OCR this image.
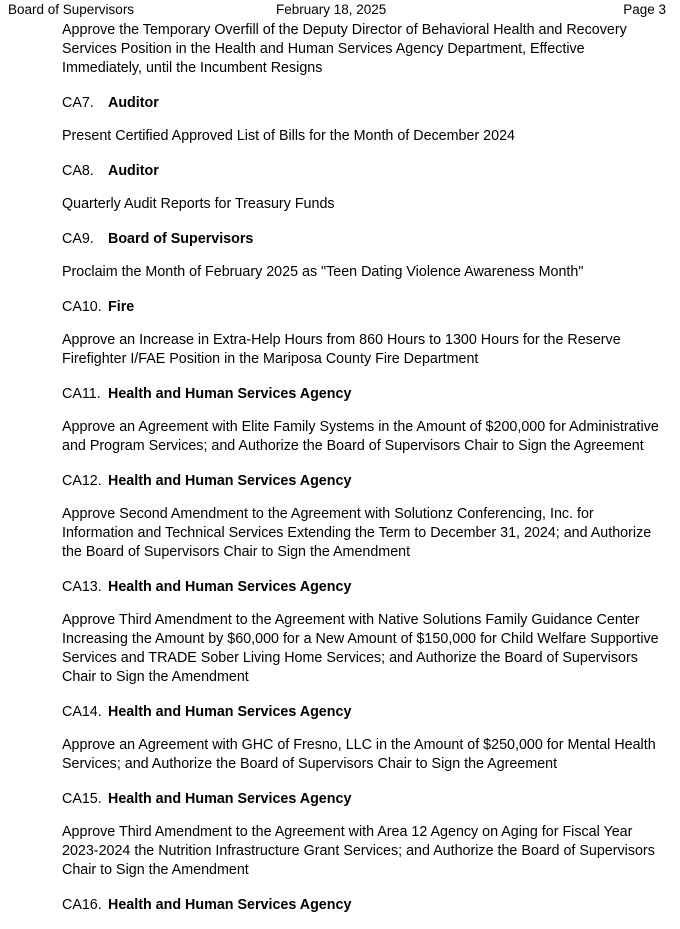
Board of Supervisors	February 18, 2025	Page 3

Approve the Temporary Overfill of the Deputy Director of Behavioral Health and Recovery Services Position in the Health and Human Services Agency Department, Effective Immediately, until the Incumbent Resigns

CA7. Auditor

Present Certified Approved List of Bills for the Month of December 2024

CA8. Auditor

Quarterly Audit Reports for Treasury Funds

CA9. Board of Supervisors

Proclaim the Month of February 2025 as "Teen Dating Violence Awareness Month"

CA10. Fire

Approve an Increase in Extra-Help Hours from 860 Hours to 1300 Hours for the Reserve Firefighter I/FAE Position in the Mariposa County Fire Department

CA11. Health and Human Services Agency

Approve an Agreement with Elite Family Systems in the Amount of $200,000 for Administrative and Program Services; and Authorize the Board of Supervisors Chair to Sign the Agreement

CA12. Health and Human Services Agency

Approve Second Amendment to the Agreement with Solutionz Conferencing, Inc. for Information and Technical Services Extending the Term to December 31, 2024; and Authorize the Board of Supervisors Chair to Sign the Amendment

CA13. Health and Human Services Agency

Approve Third Amendment to the Agreement with Native Solutions Family Guidance Center Increasing the Amount by $60,000 for a New Amount of $150,000 for Child Welfare Supportive Services and TRADE Sober Living Home Services; and Authorize the Board of Supervisors Chair to Sign the Amendment

CA14. Health and Human Services Agency

Approve an Agreement with GHC of Fresno, LLC in the Amount of $250,000 for Mental Health Services; and Authorize the Board of Supervisors Chair to Sign the Agreement

CA15. Health and Human Services Agency

Approve Third Amendment to the Agreement with Area 12 Agency on Aging for Fiscal Year 2023-2024 the Nutrition Infrastructure Grant Services; and Authorize the Board of Supervisors Chair to Sign the Amendment

CA16. Health and Human Services Agency
